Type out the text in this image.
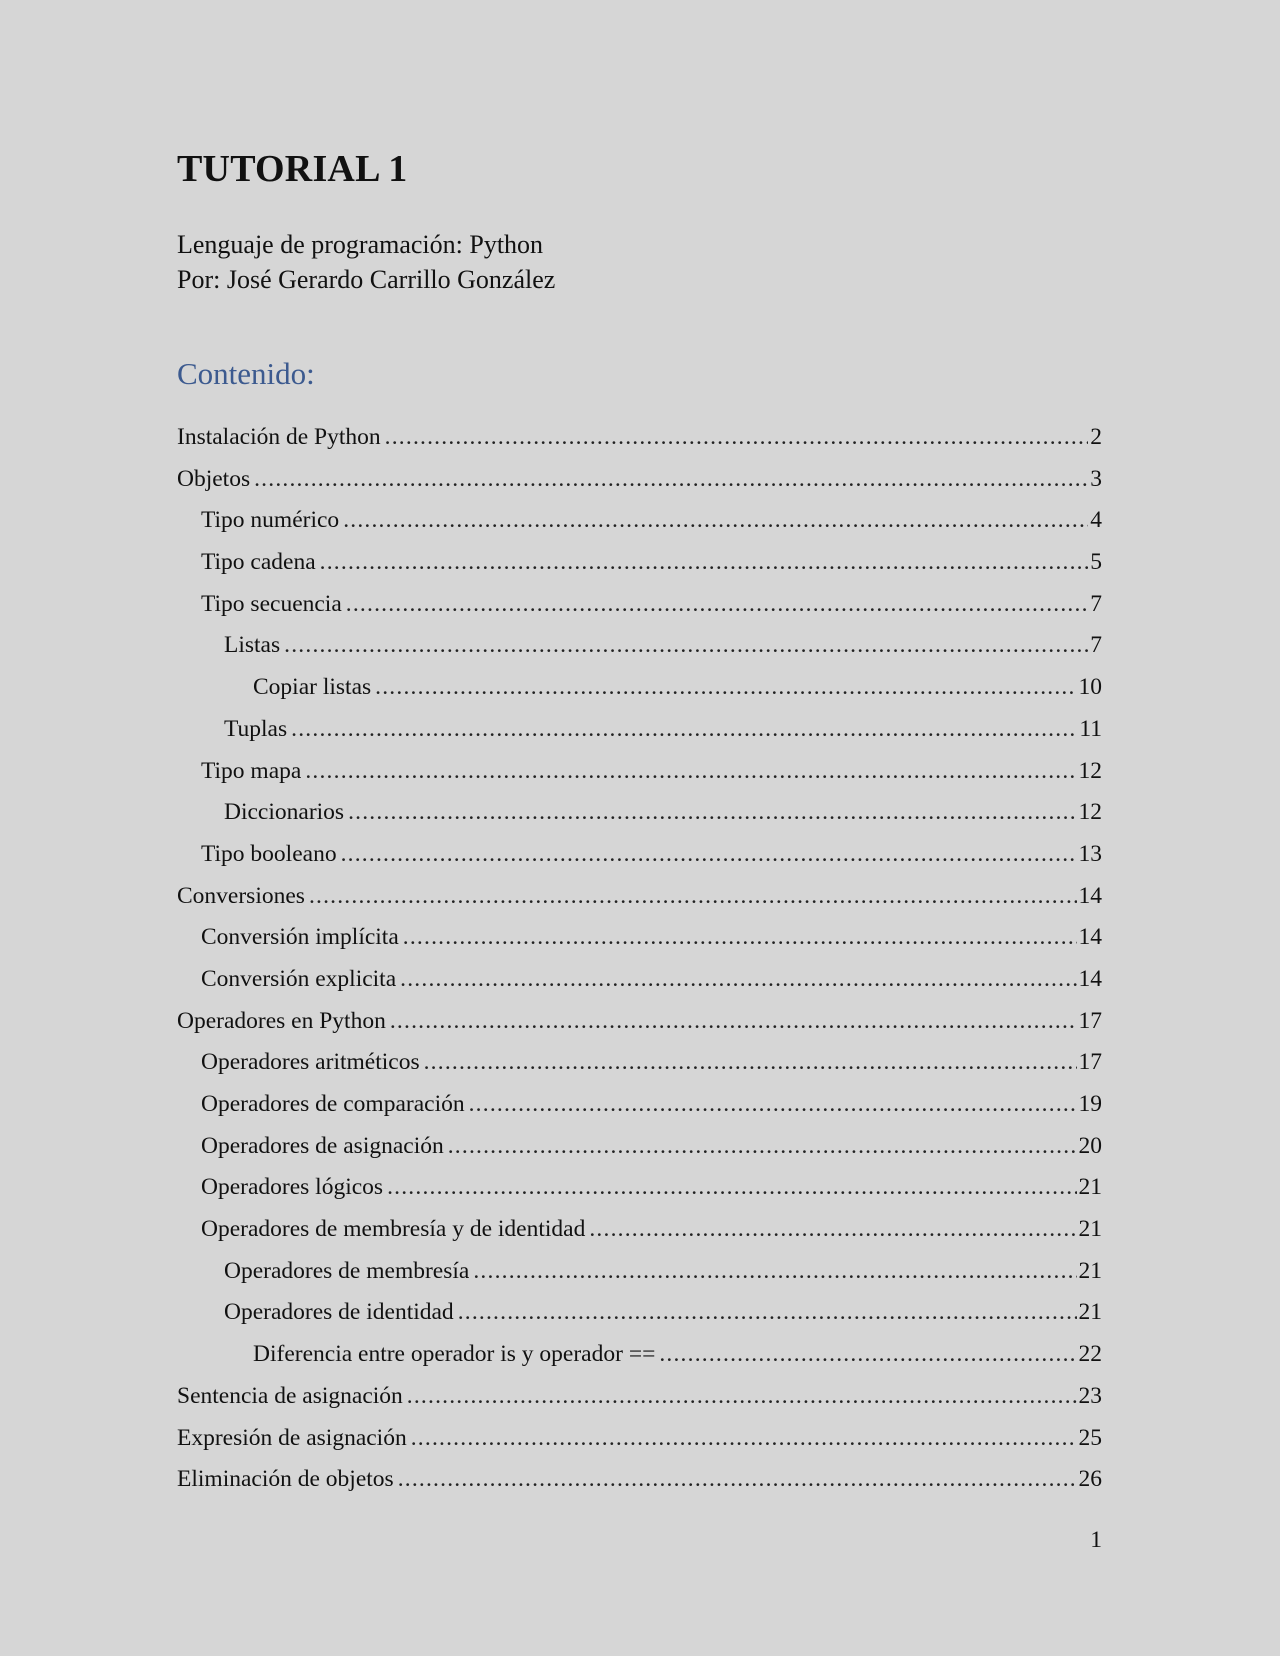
TUTORIAL 1

Lenguaje de programación: Python

Por: José Gerardo Carrillo González

Contenido:
Instalación de Python .....	2
Objetos .....	3
Tipo numérico .....	4
Tipo cadena .....	5
Tipo secuencia .....	7
Listas .....	7
Copiar listas .....	10
Tuplas .....	11
Tipo mapa .....	12
Diccionarios .....	12
Tipo booleano .....	13
Conversiones .....	14
Conversión implícita .....	14
Conversión explicita .....	14
Operadores en Python .....	17
Operadores aritméticos .....	17
Operadores de comparación .....	19
Operadores de asignación .....	20
Operadores lógicos .....	21
Operadores de membresía y de identidad .....	21
Operadores de membresía .....	21
Operadores de identidad .....	21
Diferencia entre operador is y operador == .....	22
Sentencia de asignación .....	23
Expresión de asignación .....	25
Eliminación de objetos .....	26
1
